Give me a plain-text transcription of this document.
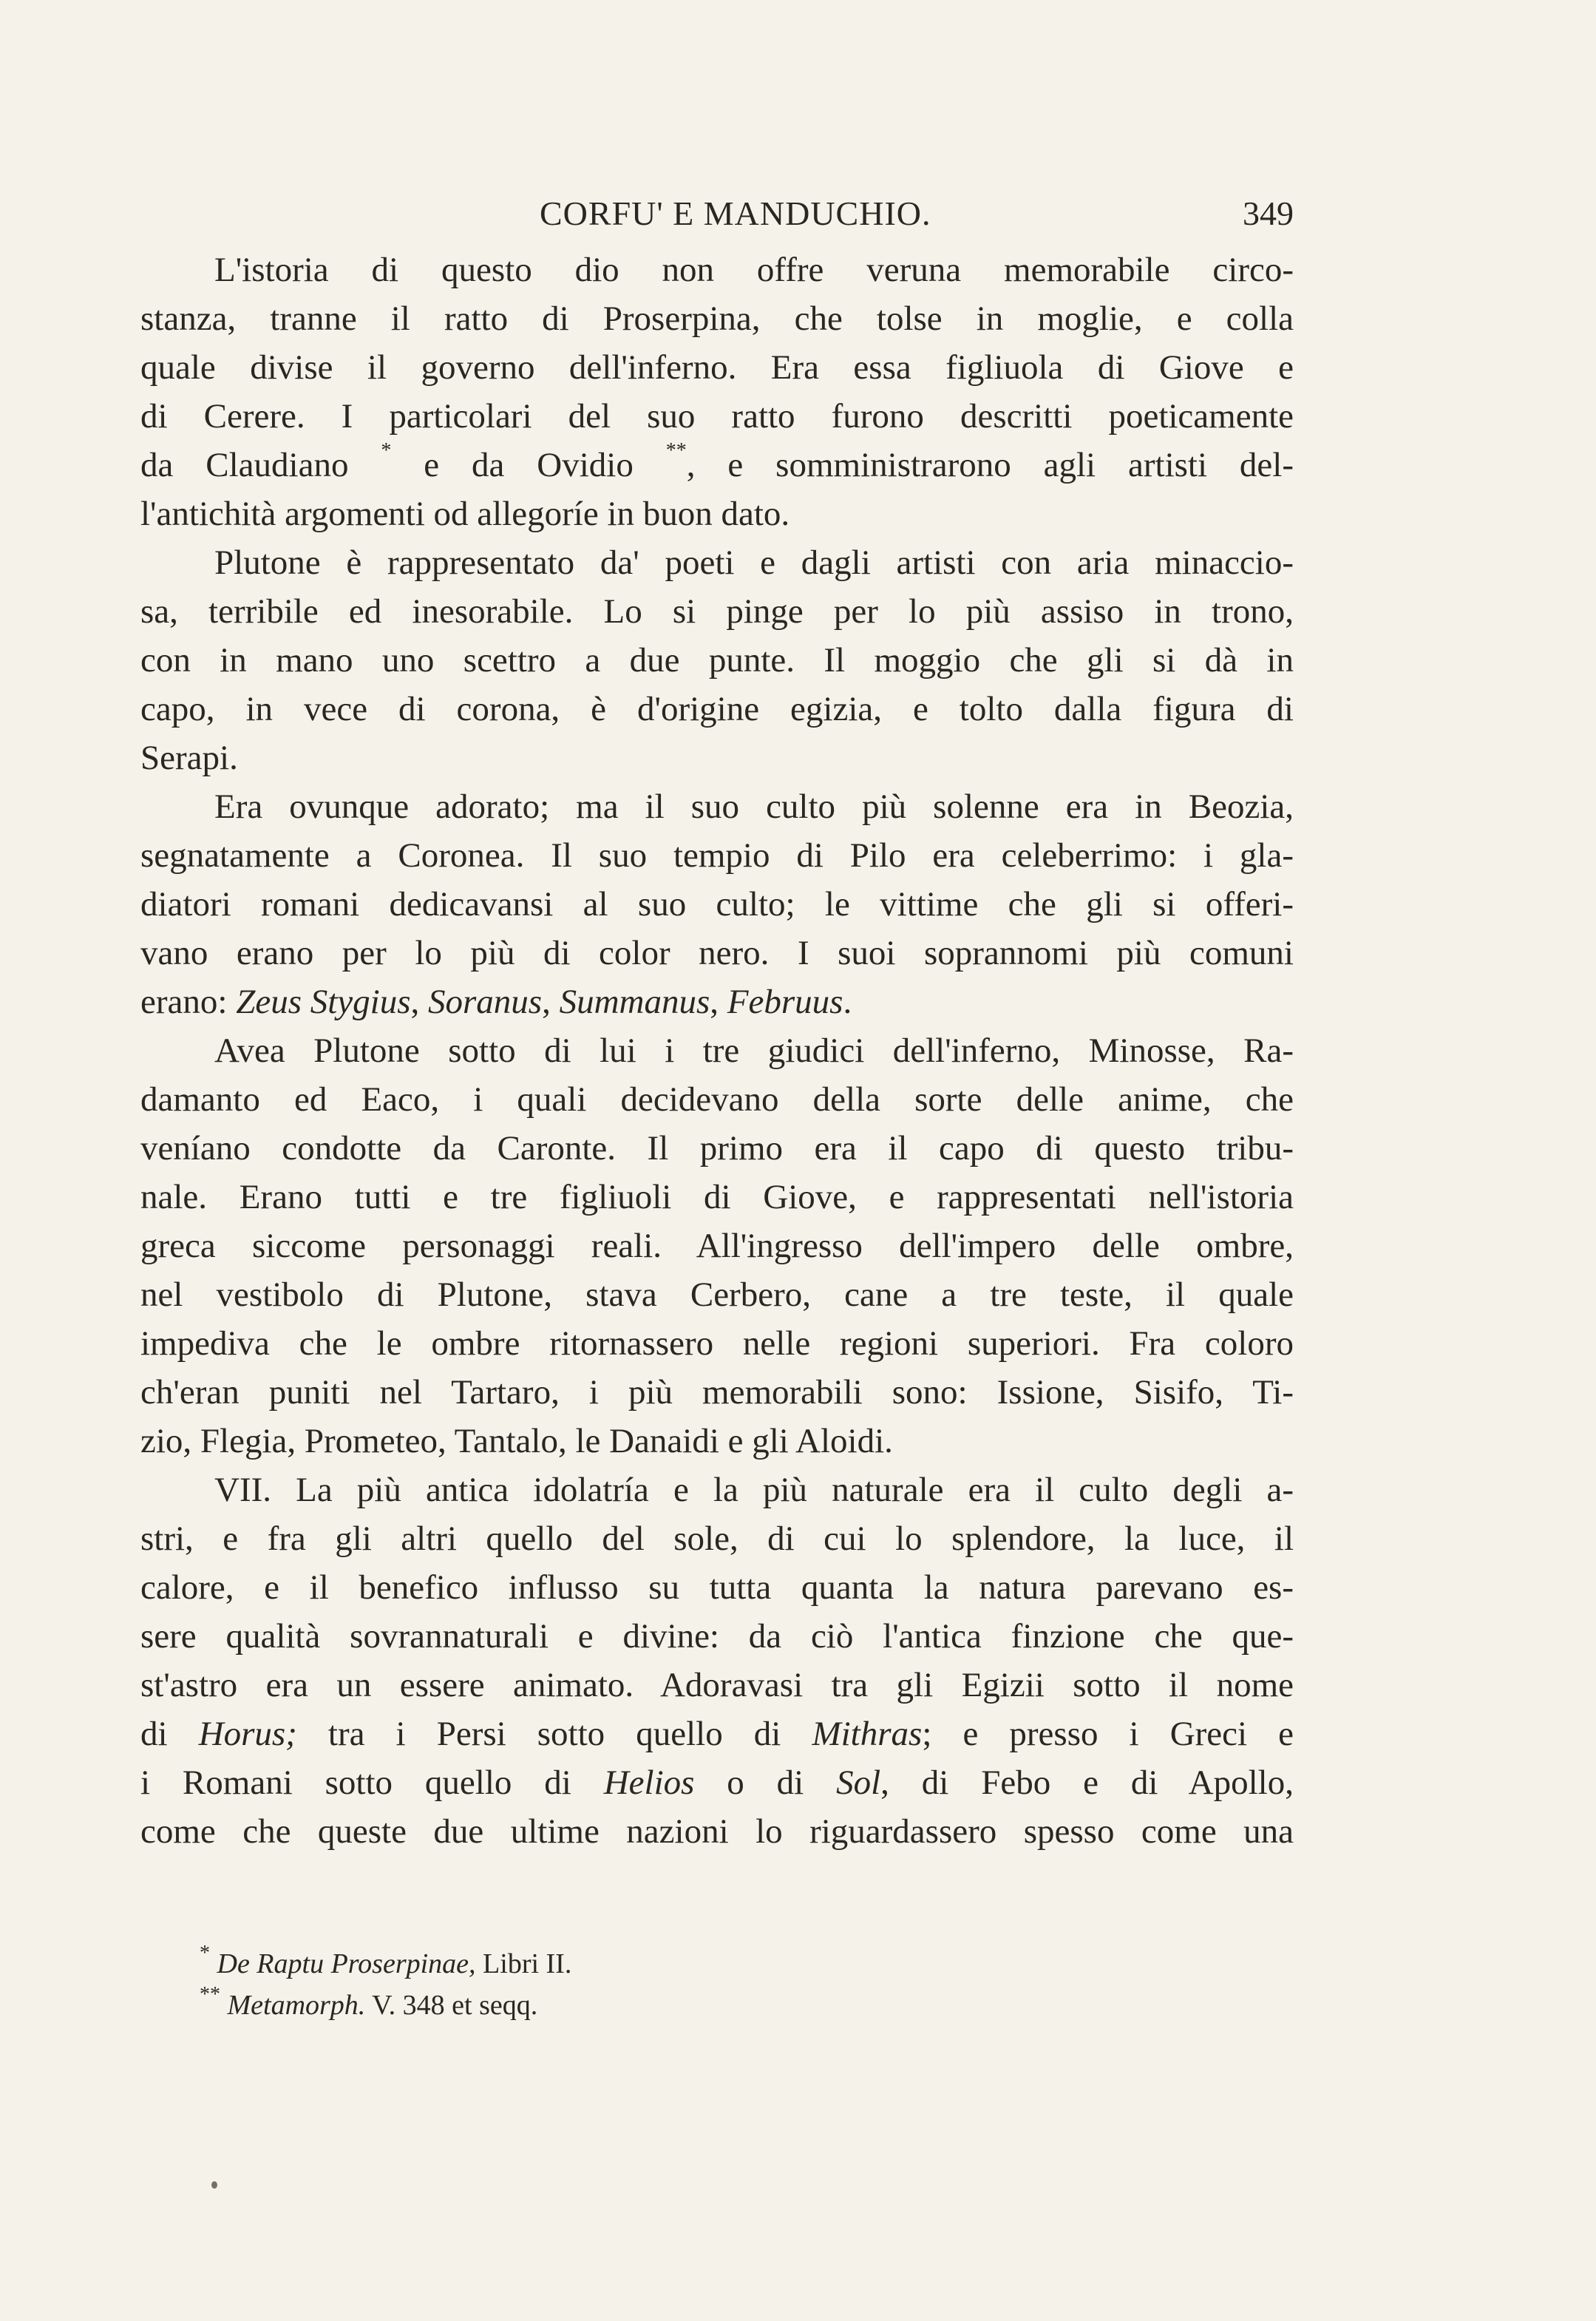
CORFU' E MANDUCHIO.	349
L'istoria di questo dio non offre veruna memorabile circo-
stanza, tranne il ratto di Proserpina, che tolse in moglie, e colla
quale divise il governo dell'inferno. Era essa figliuola di Giove e
di Cerere. I particolari del suo ratto furono descritti poeticamente
da Claudiano * e da Ovidio **, e somministrarono agli artisti del-
l'antichità argomenti od allegoríe in buon dato.
Plutone è rappresentato da' poeti e dagli artisti con aria minaccio-
sa, terribile ed inesorabile. Lo si pinge per lo più assiso in trono,
con in mano uno scettro a due punte. Il moggio che gli si dà in
capo, in vece di corona, è d'origine egizia, e tolto dalla figura di
Serapi.
Era ovunque adorato; ma il suo culto più solenne era in Beozia,
segnatamente a Coronea. Il suo tempio di Pilo era celeberrimo: i gla-
diatori romani dedicavansi al suo culto; le vittime che gli si offeri-
vano erano per lo più di color nero. I suoi soprannomi più comuni
erano: Zeus Stygius, Soranus, Summanus, Februus.
Avea Plutone sotto di lui i tre giudici dell'inferno, Minosse, Ra-
damanto ed Eaco, i quali decidevano della sorte delle anime, che
veníano condotte da Caronte. Il primo era il capo di questo tribu-
nale. Erano tutti e tre figliuoli di Giove, e rappresentati nell'istoria
greca siccome personaggi reali. All'ingresso dell'impero delle ombre,
nel vestibolo di Plutone, stava Cerbero, cane a tre teste, il quale
impediva che le ombre ritornassero nelle regioni superiori. Fra coloro
ch'eran puniti nel Tartaro, i più memorabili sono: Issione, Sisifo, Ti-
zio, Flegia, Prometeo, Tantalo, le Danaidi e gli Aloidi.
VII. La più antica idolatría e la più naturale era il culto degli a-
stri, e fra gli altri quello del sole, di cui lo splendore, la luce, il
calore, e il benefico influsso su tutta quanta la natura parevano es-
sere qualità sovrannaturali e divine: da ciò l'antica finzione che que-
st'astro era un essere animato. Adoravasi tra gli Egizii sotto il nome
di Horus; tra i Persi sotto quello di Mithras; e presso i Greci e
i Romani sotto quello di Helios o di Sol, di Febo e di Apollo,
come che queste due ultime nazioni lo riguardassero spesso come una
* De Raptu Proserpinae, Libri II.
** Metamorph. V. 348 et seqq.
